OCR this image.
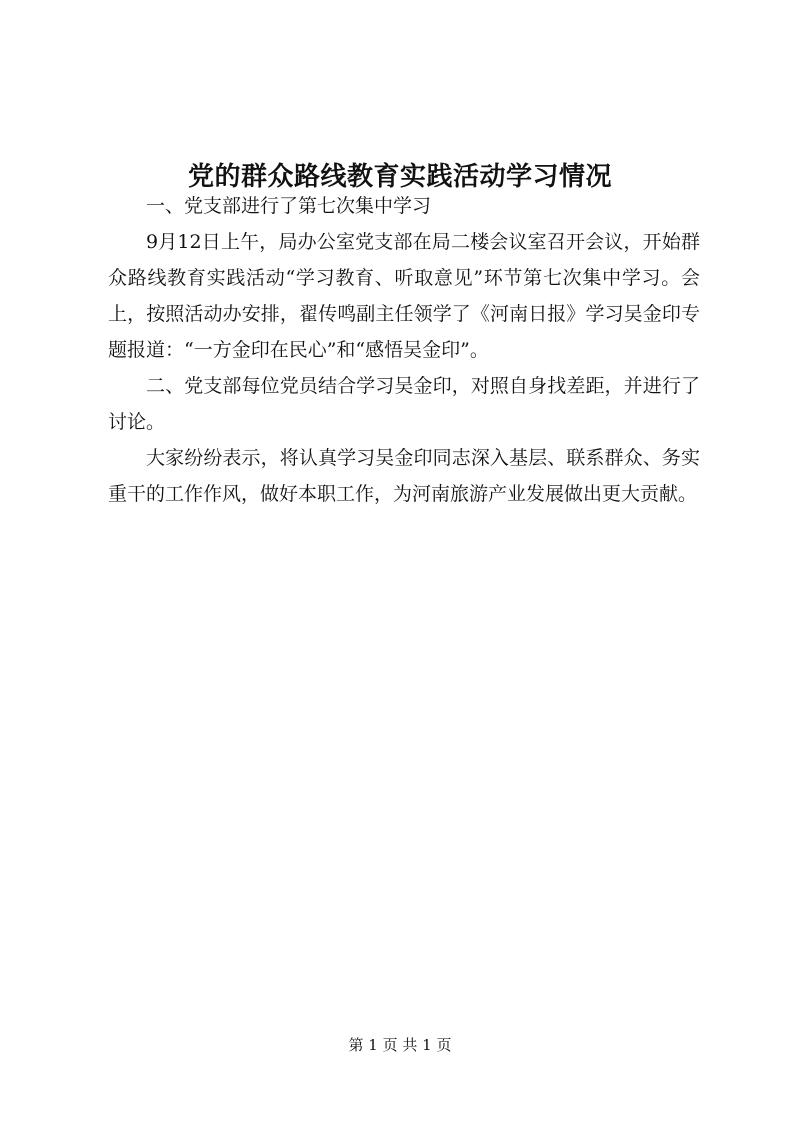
党的群众路线教育实践活动学习情况

一、党支部进行了第七次集中学习

9月12日上午，局办公室党支部在局二楼会议室召开会议，开始群众路线教育实践活动“学习教育、听取意见”环节第七次集中学习。会上，按照活动办安排，翟传鸣副主任领学了《河南日报》学习吴金印专题报道：“一方金印在民心”和“感悟吴金印”。

二、党支部每位党员结合学习吴金印，对照自身找差距，并进行了讨论。

大家纷纷表示，将认真学习吴金印同志深入基层、联系群众、务实重干的工作作风，做好本职工作，为河南旅游产业发展做出更大贡献。

第 1 页 共 1 页
